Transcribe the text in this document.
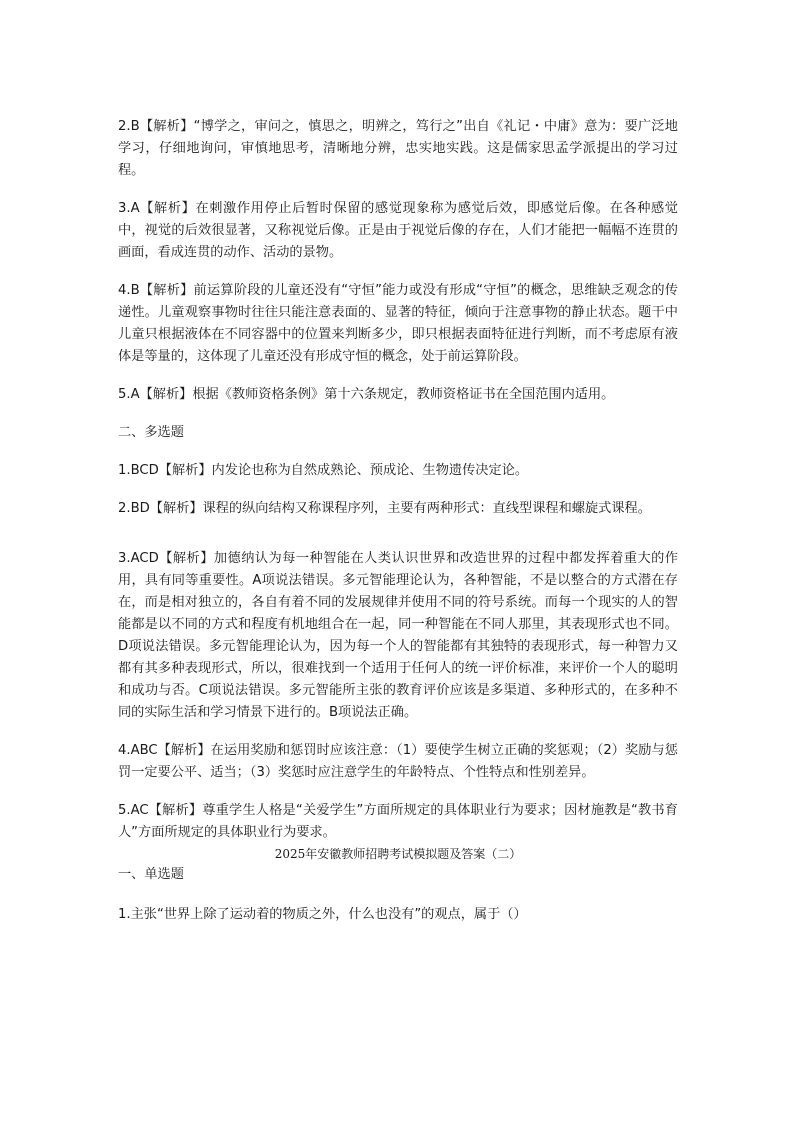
2.B【解析】“博学之，审问之，慎思之，明辨之，笃行之”出自《礼记・中庸》意为：要广泛地学习，仔细地询问，审慎地思考，清晰地分辨，忠实地实践。这是儒家思孟学派提出的学习过程。

3.A【解析】在刺激作用停止后暂时保留的感觉现象称为感觉后效，即感觉后像。在各种感觉中，视觉的后效很显著，又称视觉后像。正是由于视觉后像的存在，人们才能把一幅幅不连贯的画面，看成连贯的动作、活动的景物。

4.B【解析】前运算阶段的儿童还没有“守恒”能力或没有形成“守恒”的概念，思维缺乏观念的传递性。儿童观察事物时往往只能注意表面的、显著的特征，倾向于注意事物的静止状态。题干中儿童只根据液体在不同容器中的位置来判断多少，即只根据表面特征进行判断，而不考虑原有液体是等量的，这体现了儿童还没有形成守恒的概念，处于前运算阶段。

5.A【解析】根据《教师资格条例》第十六条规定，教师资格证书在全国范围内适用。

二、多选题

1.BCD【解析】内发论也称为自然成熟论、预成论、生物遗传决定论。

2.BD【解析】课程的纵向结构又称课程序列，主要有两种形式：直线型课程和螺旋式课程。

3.ACD【解析】加德纳认为每一种智能在人类认识世界和改造世界的过程中都发挥着重大的作用，具有同等重要性。A项说法错误。多元智能理论认为，各种智能，不是以整合的方式潜在存在，而是相对独立的，各自有着不同的发展规律并使用不同的符号系统。而每一个现实的人的智能都是以不同的方式和程度有机地组合在一起，同一种智能在不同人那里，其表现形式也不同。D项说法错误。多元智能理论认为，因为每一个人的智能都有其独特的表现形式，每一种智力又都有其多种表现形式，所以，很难找到一个适用于任何人的统一评价标准，来评价一个人的聪明和成功与否。C项说法错误。多元智能所主张的教育评价应该是多渠道、多种形式的，在多种不同的实际生活和学习情景下进行的。B项说法正确。

4.ABC【解析】在运用奖励和惩罚时应该注意：（1）要使学生树立正确的奖惩观；（2）奖励与惩罚一定要公平、适当；（3）奖惩时应注意学生的年龄特点、个性特点和性别差异。

5.AC【解析】尊重学生人格是“关爱学生”方面所规定的具体职业行为要求；因材施教是“教书育人”方面所规定的具体职业行为要求。

2025年安徽教师招聘考试模拟题及答案（二）

一、单选题

1.主张“世界上除了运动着的物质之外，什么也没有”的观点，属于（）
